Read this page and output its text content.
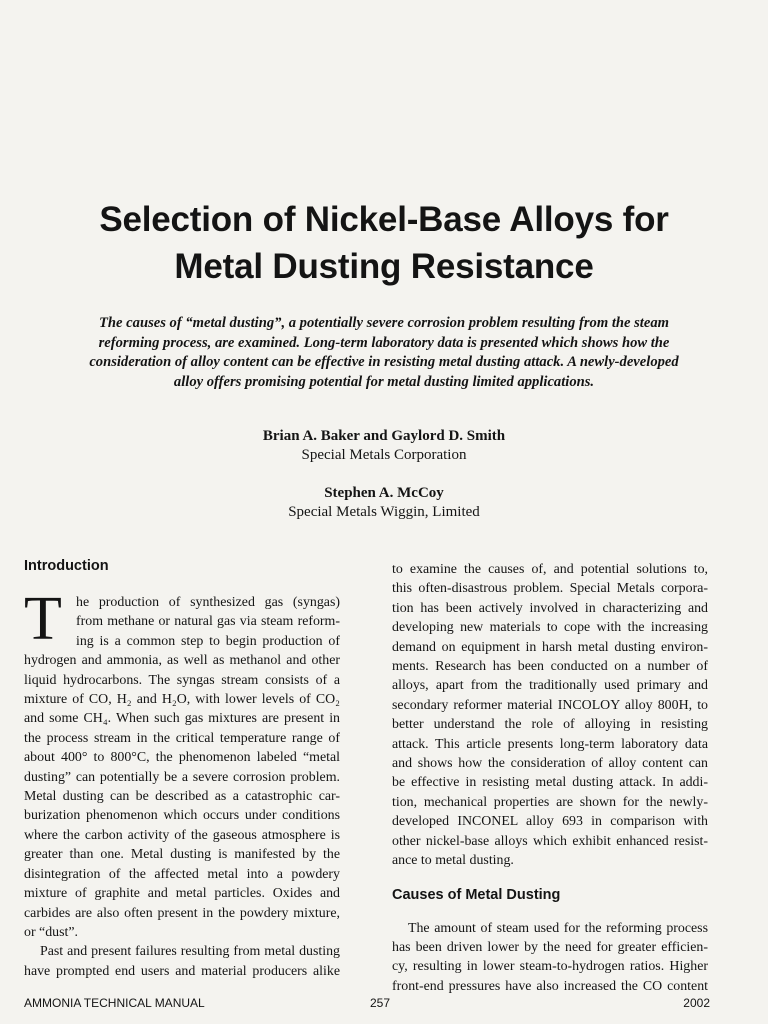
Selection of Nickel-Base Alloys for
Metal Dusting Resistance

The causes of “metal dusting”, a potentially severe corrosion problem resulting from the steam
reforming process, are examined. Long-term laboratory data is presented which shows how the
consideration of alloy content can be effective in resisting metal dusting attack. A newly-developed
alloy offers promising potential for metal dusting limited applications.

Brian A. Baker and Gaylord D. Smith
Special Metals Corporation
Stephen A. McCoy
Special Metals Wiggin, Limited
Introduction
T	he production of synthesized gas (syngas)
from methane or natural gas via steam reform-
ing is a common step to begin production of
hydrogen and ammonia, as well as methanol and other
liquid hydrocarbons. The syngas stream consists of a
mixture of CO, H₂ and H₂O, with lower levels of CO₂
and some CH₄. When such gas mixtures are present in
the process stream in the critical temperature range of
about 400° to 800°C, the phenomenon labeled “metal
dusting” can potentially be a severe corrosion problem.
Metal dusting can be described as a catastrophic car-
burization phenomenon which occurs under conditions
where the carbon activity of the gaseous atmosphere is
greater than one. Metal dusting is manifested by the
disintegration of the affected metal into a powdery
mixture of graphite and metal particles. Oxides and
carbides are also often present in the powdery mixture,
or “dust”.

Past and present failures resulting from metal dusting
have prompted end users and material producers alike

to examine the causes of, and potential solutions to,
this often-disastrous problem. Special Metals corpora-
tion has been actively involved in characterizing and
developing new materials to cope with the increasing
demand on equipment in harsh metal dusting environ-
ments. Research has been conducted on a number of
alloys, apart from the traditionally used primary and
secondary reformer material INCOLOY alloy 800H, to
better understand the role of alloying in resisting
attack. This article presents long-term laboratory data
and shows how the consideration of alloy content can
be effective in resisting metal dusting attack. In addi-
tion, mechanical properties are shown for the newly-
developed INCONEL alloy 693 in comparison with
other nickel-base alloys which exhibit enhanced resist-
ance to metal dusting.

Causes of Metal Dusting

The amount of steam used for the reforming process
has been driven lower by the need for greater efficien-
cy, resulting in lower steam-to-hydrogen ratios. Higher
front-end pressures have also increased the CO content

AMMONIA TECHNICAL MANUAL	257	2002
